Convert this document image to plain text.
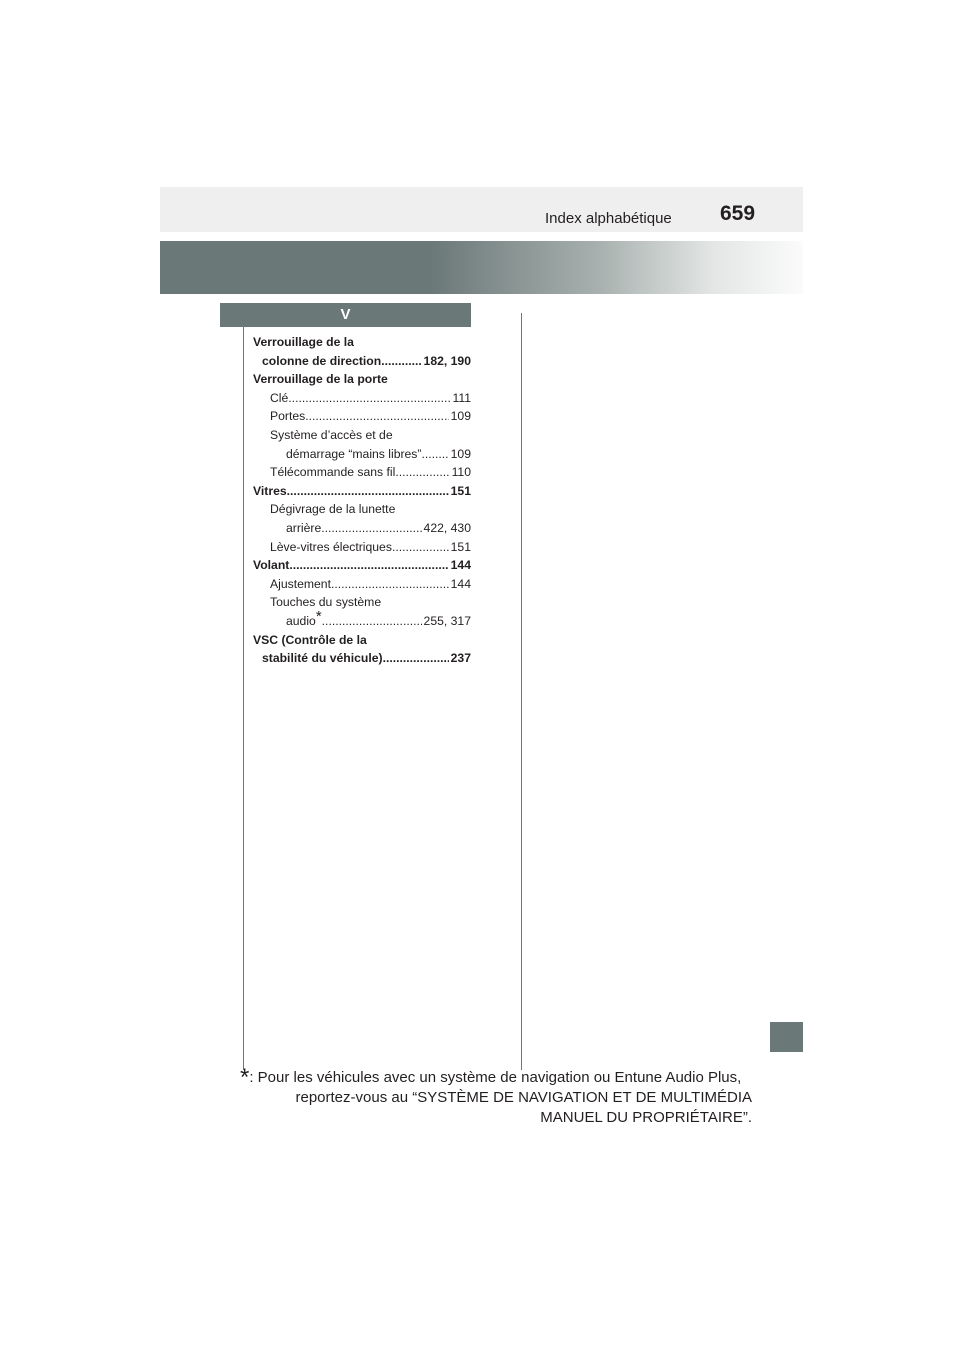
Index alphabétique 659
V
Verrouillage de la
colonne de direction .....	182, 190
Verrouillage de la porte
Clé .....	111
Portes .....	109
Système d’accès et de
démarrage “mains libres” ..... 109
Télécommande sans fil .....	110
Vitres .....	151
Dégivrage de la lunette
arrière .....	422, 430
Lève-vitres électriques .....	151
Volant .....	144
Ajustement .....	144
Touches du système
audio * .....	255, 317
VSC (Contrôle de la
stabilité du véhicule) .....	237
*: Pour les véhicules avec un système de navigation ou Entune Audio Plus,
reportez-vous au “SYSTÈME DE NAVIGATION ET DE MULTIMÉDIA
MANUEL DU PROPRIÉTAIRE”.
